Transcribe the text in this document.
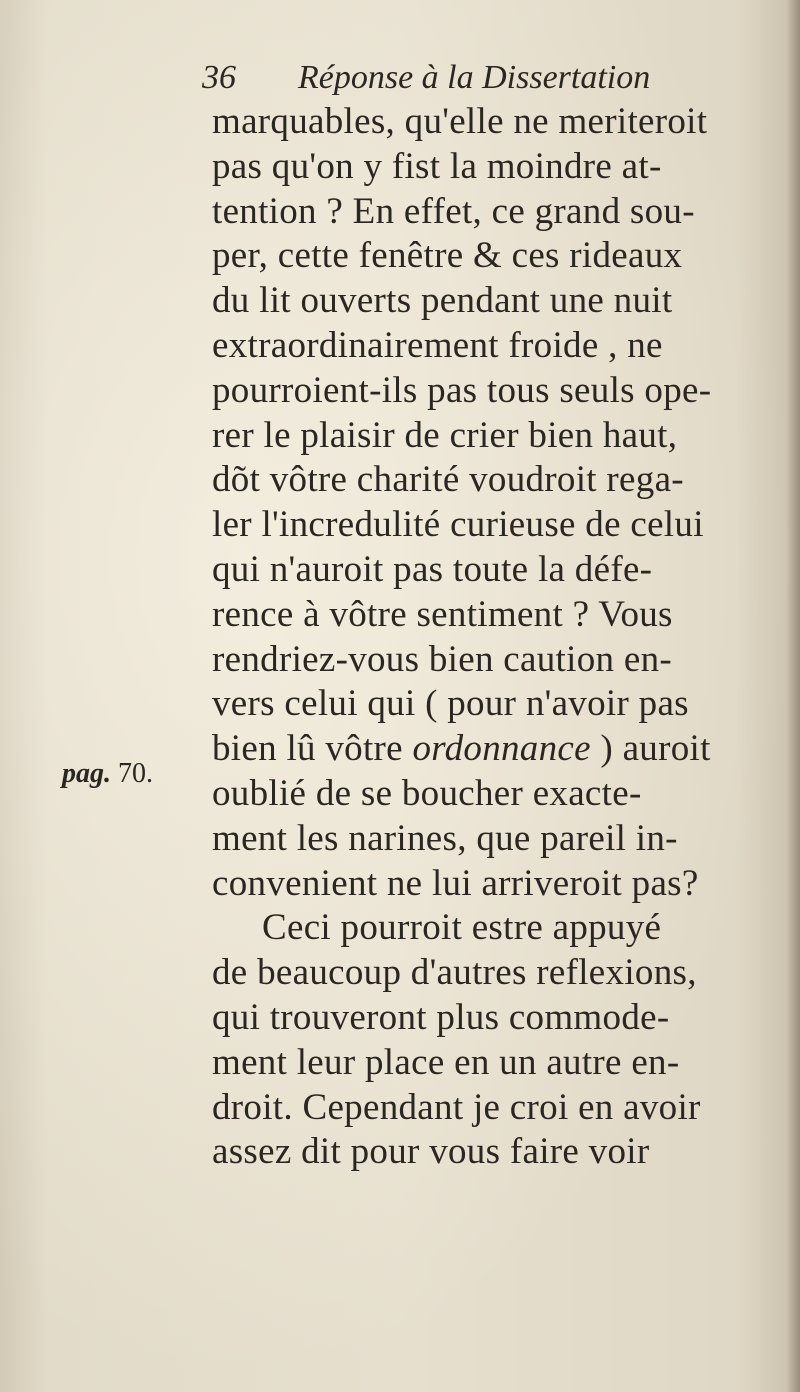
36 Réponse à la Dissertation
pag. 70.
marquables, qu'elle ne meriteroit
pas qu'on y fist la moindre at-
tention ? En effet, ce grand sou-
per, cette fenêtre & ces rideaux
du lit ouverts pendant une nuit
extraordinairement froide , ne
pourroient-ils pas tous seuls ope-
rer le plaisir de crier bien haut,
dõt vôtre charité voudroit rega-
ler l'incredulité curieuse de celui
qui n'auroit pas toute la défe-
rence à vôtre sentiment ? Vous
rendriez-vous bien caution en-
vers celui qui ( pour n'avoir pas
bien lû vôtre ordonnance ) auroit
oublié de se boucher exacte-
ment les narines, que pareil in-
convenient ne lui arriveroit pas?
Ceci pourroit estre appuyé
de beaucoup d'autres reflexions,
qui trouveront plus commode-
ment leur place en un autre en-
droit. Cependant je croi en avoir
assez dit pour vous faire voir
